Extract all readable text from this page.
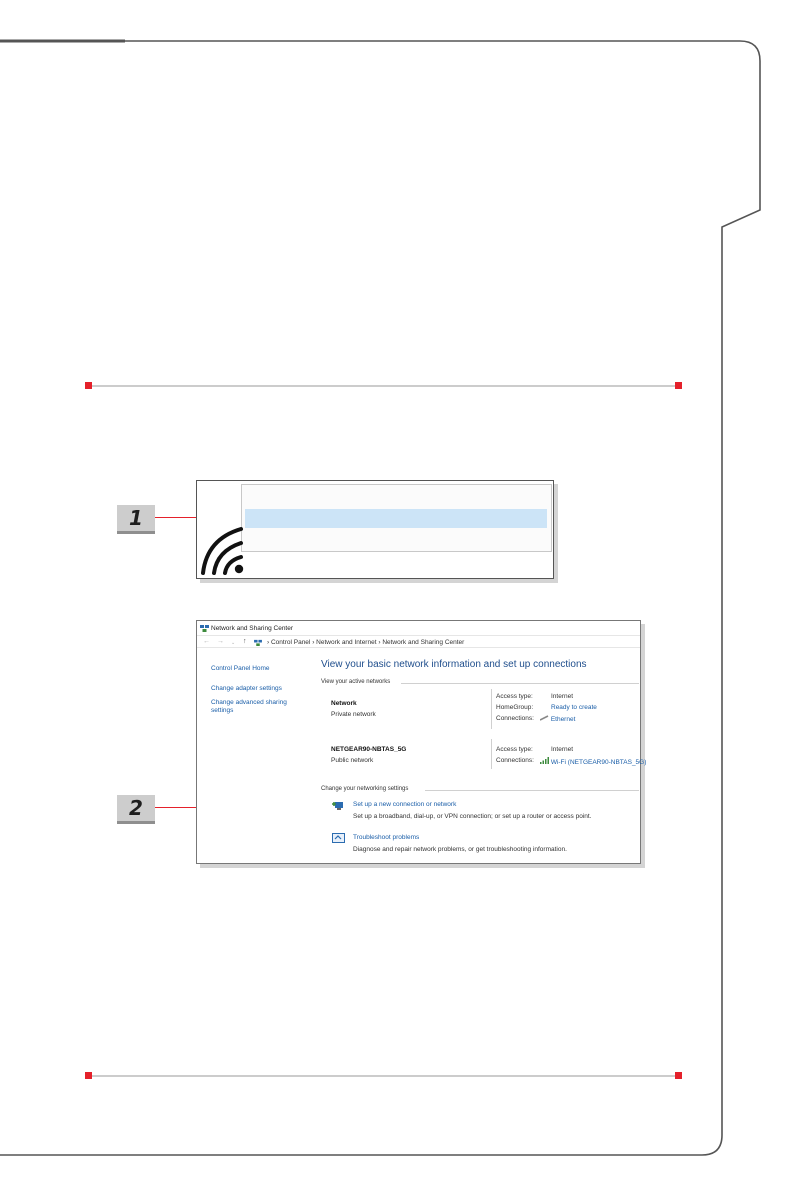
1
2
Network and Sharing Center
← → ⌄ ↑	› Control Panel › Network and Internet › Network and Sharing Center
Control Panel Home
Change adapter settings
Change advanced sharing
settings
View your basic network information and set up connections
View your active networks
Network
Private network
Access type:	Internet
HomeGroup:	Ready to create
Connections:	Ethernet
NETGEAR90-NBTAS_5G
Public network
Access type:	Internet
Connections:	Wi-Fi (NETGEAR90-NBTAS_5G)
Change your networking settings
Set up a new connection or network
Set up a broadband, dial-up, or VPN connection; or set up a router or access point.
Troubleshoot problems
Diagnose and repair network problems, or get troubleshooting information.
